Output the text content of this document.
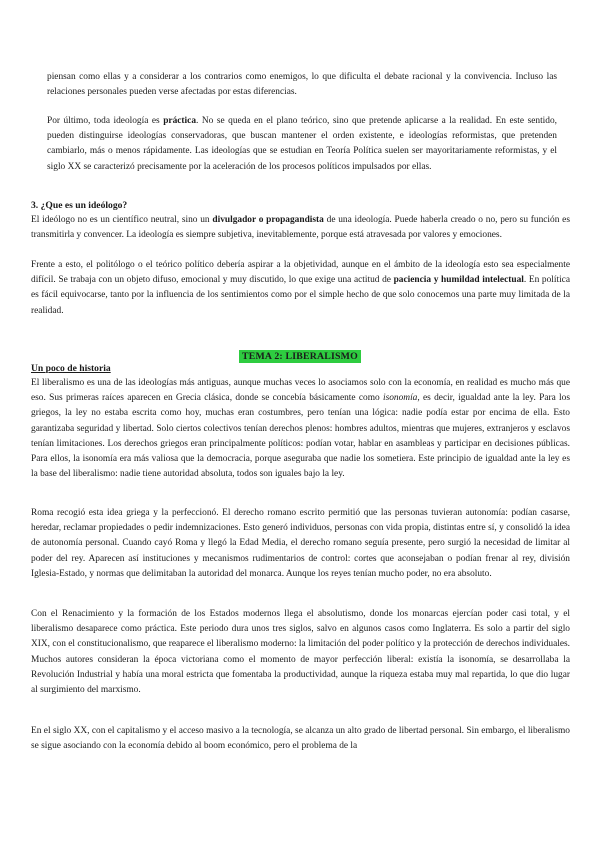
piensan como ellas y a considerar a los contrarios como enemigos, lo que dificulta el debate racional y la convivencia. Incluso las relaciones personales pueden verse afectadas por estas diferencias.

Por último, toda ideología es práctica. No se queda en el plano teórico, sino que pretende aplicarse a la realidad. En este sentido, pueden distinguirse ideologías conservadoras, que buscan mantener el orden existente, e ideologías reformistas, que pretenden cambiarlo, más o menos rápidamente. Las ideologías que se estudian en Teoría Política suelen ser mayoritariamente reformistas, y el siglo XX se caracterizó precisamente por la aceleración de los procesos políticos impulsados por ellas.

3. ¿Que es un ideólogo?

El ideólogo no es un científico neutral, sino un divulgador o propagandista de una ideología. Puede haberla creado o no, pero su función es transmitirla y convencer. La ideología es siempre subjetiva, inevitablemente, porque está atravesada por valores y emociones.

Frente a esto, el politólogo o el teórico político debería aspirar a la objetividad, aunque en el ámbito de la ideología esto sea especialmente difícil. Se trabaja con un objeto difuso, emocional y muy discutido, lo que exige una actitud de paciencia y humildad intelectual. En política es fácil equivocarse, tanto por la influencia de los sentimientos como por el simple hecho de que solo conocemos una parte muy limitada de la realidad.

TEMA 2: LIBERALISMO
Un poco de historia

El liberalismo es una de las ideologías más antiguas, aunque muchas veces lo asociamos solo con la economía, en realidad es mucho más que eso. Sus primeras raíces aparecen en Grecia clásica, donde se concebía básicamente como isonomía, es decir, igualdad ante la ley. Para los griegos, la ley no estaba escrita como hoy, muchas eran costumbres, pero tenían una lógica: nadie podía estar por encima de ella. Esto garantizaba seguridad y libertad. Solo ciertos colectivos tenían derechos plenos: hombres adultos, mientras que mujeres, extranjeros y esclavos tenían limitaciones. Los derechos griegos eran principalmente políticos: podían votar, hablar en asambleas y participar en decisiones públicas. Para ellos, la isonomía era más valiosa que la democracia, porque aseguraba que nadie los sometiera. Este principio de igualdad ante la ley es la base del liberalismo: nadie tiene autoridad absoluta, todos son iguales bajo la ley.

Roma recogió esta idea griega y la perfeccionó. El derecho romano escrito permitió que las personas tuvieran autonomía: podían casarse, heredar, reclamar propiedades o pedir indemnizaciones. Esto generó individuos, personas con vida propia, distintas entre sí, y consolidó la idea de autonomía personal. Cuando cayó Roma y llegó la Edad Media, el derecho romano seguía presente, pero surgió la necesidad de limitar al poder del rey. Aparecen así instituciones y mecanismos rudimentarios de control: cortes que aconsejaban o podían frenar al rey, división Iglesia-Estado, y normas que delimitaban la autoridad del monarca. Aunque los reyes tenían mucho poder, no era absoluto.

Con el Renacimiento y la formación de los Estados modernos llega el absolutismo, donde los monarcas ejercían poder casi total, y el liberalismo desaparece como práctica. Este periodo dura unos tres siglos, salvo en algunos casos como Inglaterra. Es solo a partir del siglo XIX, con el constitucionalismo, que reaparece el liberalismo moderno: la limitación del poder político y la protección de derechos individuales. Muchos autores consideran la época victoriana como el momento de mayor perfección liberal: existía la isonomía, se desarrollaba la Revolución Industrial y había una moral estricta que fomentaba la productividad, aunque la riqueza estaba muy mal repartida, lo que dio lugar al surgimiento del marxismo.

En el siglo XX, con el capitalismo y el acceso masivo a la tecnología, se alcanza un alto grado de libertad personal. Sin embargo, el liberalismo se sigue asociando con la economía debido al boom económico, pero el problema de la
